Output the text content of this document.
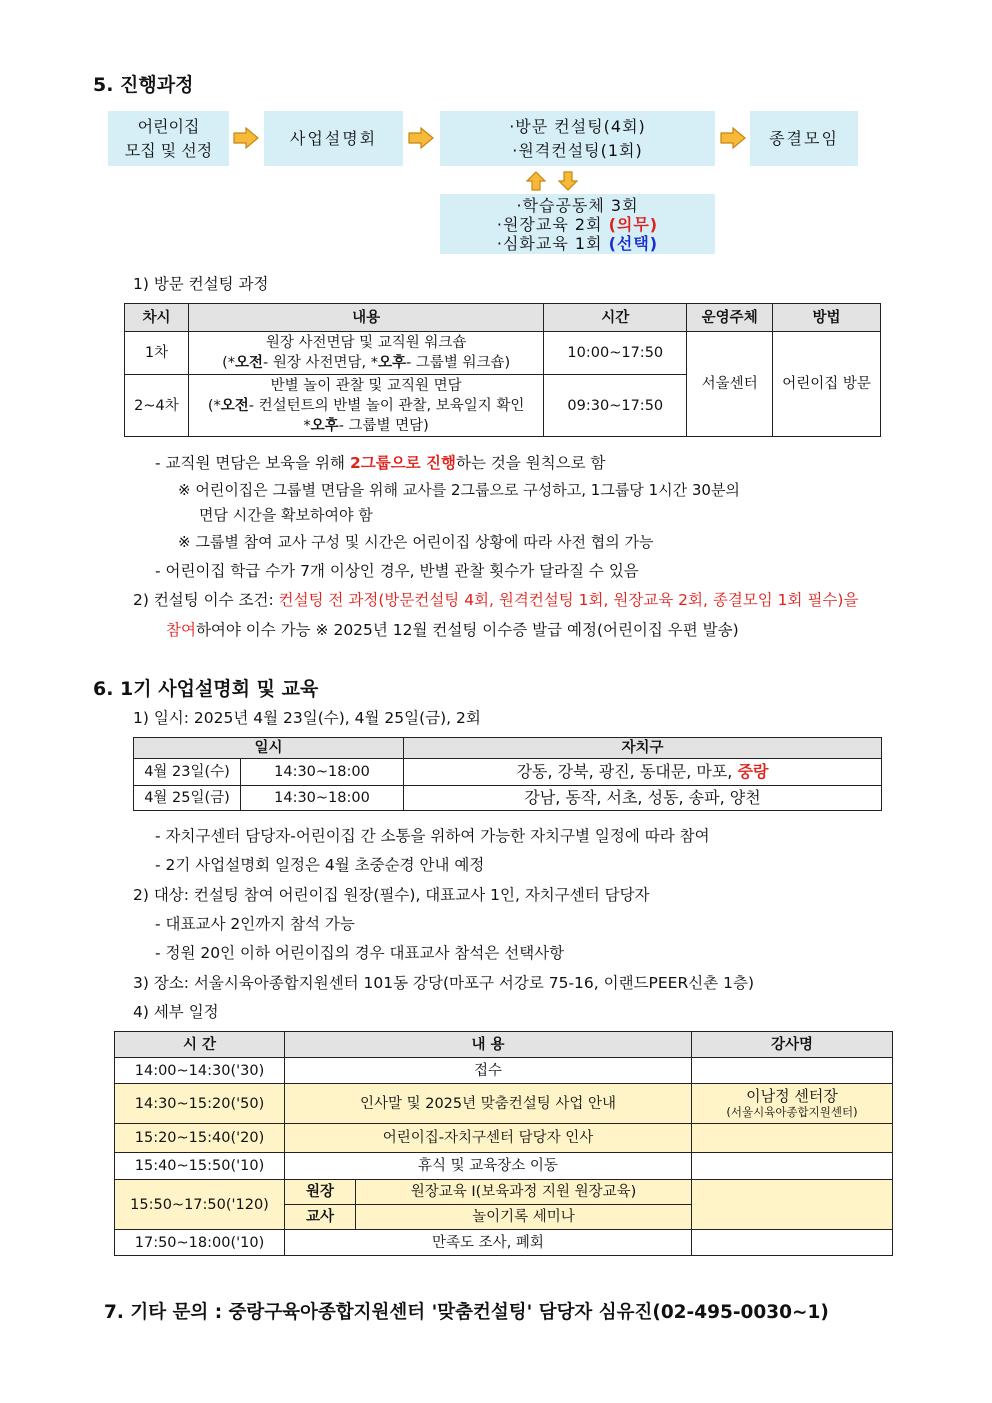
5. 진행과정
어린이집
모집 및 선정
사업설명회
·방문 컨설팅(4회)
·원격컨설팅(1회)
종결모임
·학습공동체 3회
·원장교육 2회 (의무)
·심화교육 1회 (선택)
1) 방문 컨설팅 과정
차시	내용	시간	운영주체	방법
1차	원장 사전면담 및 교직원 워크숍
(*오전- 원장 사전면담, *오후- 그룹별 워크숍)	10:00~17:50	서울센터	어린이집 방문
2~4차	반별 놀이 관찰 및 교직원 면담
(*오전- 컨설턴트의 반별 놀이 관찰, 보육일지 확인
*오후- 그룹별 면담)	09:30~17:50		
- 교직원 면담은 보육을 위해 2그룹으로 진행하는 것을 원칙으로 함
※ 어린이집은 그룹별 면담을 위해 교사를 2그룹으로 구성하고, 1그룹당 1시간 30분의
면담 시간을 확보하여야 함
※ 그룹별 참여 교사 구성 및 시간은 어린이집 상황에 따라 사전 협의 가능
- 어린이집 학급 수가 7개 이상인 경우, 반별 관찰 횟수가 달라질 수 있음
2) 컨설팅 이수 조건: 컨설팅 전 과정(방문컨설팅 4회, 원격컨설팅 1회, 원장교육 2회, 종결모임 1회 필수)을
참여하여야 이수 가능 ※ 2025년 12월 컨설팅 이수증 발급 예정(어린이집 우편 발송)
6. 1기 사업설명회 및 교육
1) 일시: 2025년 4월 23일(수), 4월 25일(금), 2회
일시		자치구
4월 23일(수)	14:30~18:00	강동, 강북, 광진, 동대문, 마포, 중랑
4월 25일(금)	14:30~18:00	강남, 동작, 서초, 성동, 송파, 양천
- 자치구센터 담당자-어린이집 간 소통을 위하여 가능한 자치구별 일정에 따라 참여
- 2기 사업설명회 일정은 4월 초중순경 안내 예정
2) 대상: 컨설팅 참여 어린이집 원장(필수), 대표교사 1인, 자치구센터 담당자
- 대표교사 2인까지 참석 가능
- 정원 20인 이하 어린이집의 경우 대표교사 참석은 선택사항
3) 장소: 서울시육아종합지원센터 101동 강당(마포구 서강로 75-16, 이랜드PEER신촌 1층)
4) 세부 일정
시 간	내 용		강사명
14:00~14:30('30)	접수		
14:30~15:20('50)	인사말 및 2025년 맞춤컨설팅 사업 안내		이남정 센터장
(서울시육아종합지원센터)

15:20~15:40('20)	어린이집-자치구센터 담당자 인사		
15:40~15:50('10)	휴식 및 교육장소 이동		
15:50~17:50('120)	원장	원장교육 Ⅰ(보육과정 지원 원장교육)	
	교사	놀이기록 세미나	
17:50~18:00('10)	만족도 조사, 폐회		
7. 기타 문의 : 중랑구육아종합지원센터 '맞춤컨설팅' 담당자 심유진(02-495-0030~1)
